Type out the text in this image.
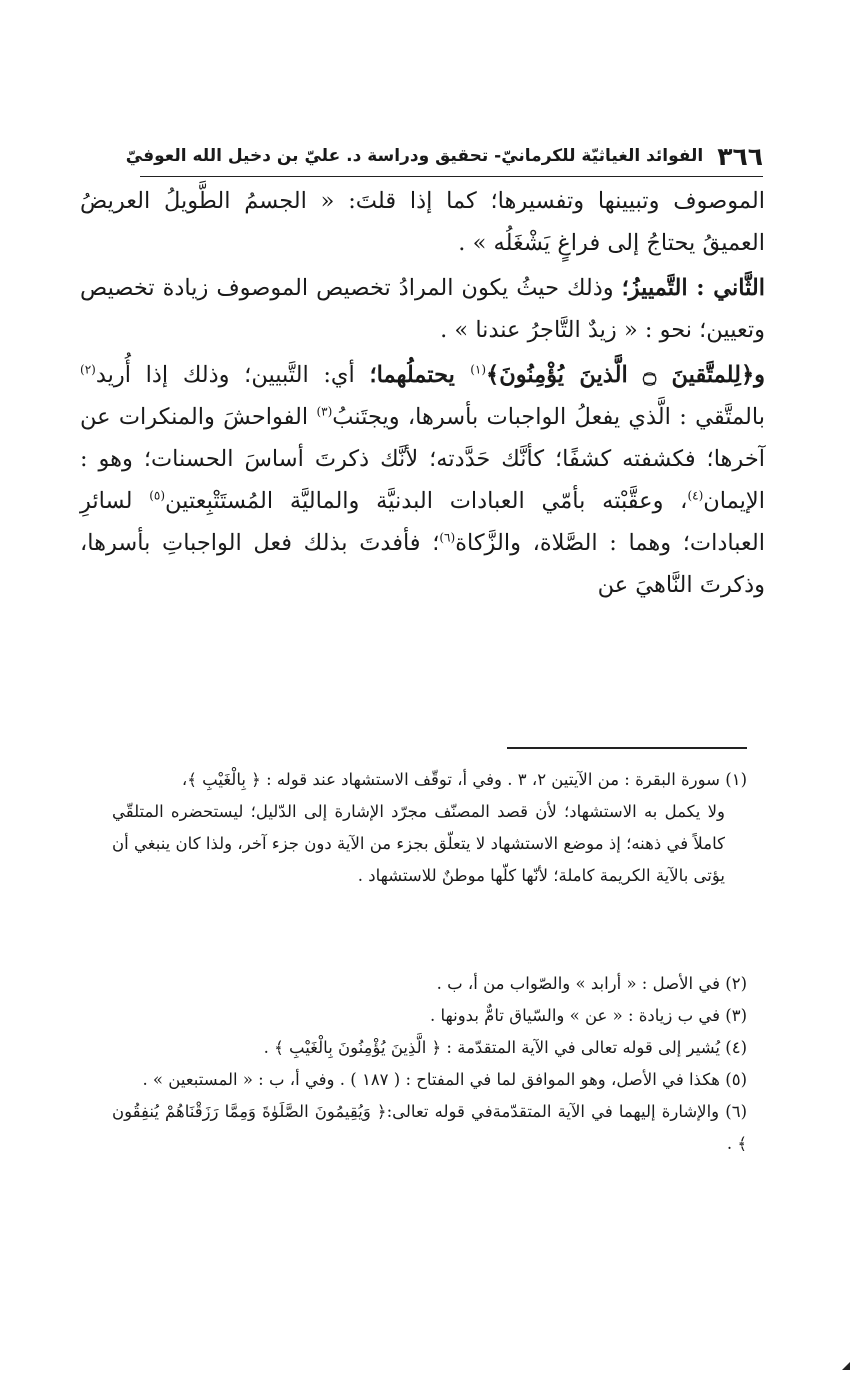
٣٦٦
الفوائد الغياثيّة للكرمانيّ- تحقيق ودراسة د. عليّ بن دخيل الله العوفيّ

الموصوف وتبيينها وتفسيرها؛ كما إذا قلتَ: « الجسمُ الطَّويلُ العريضُ العميقُ يحتاجُ إلى فراغٍ يَشْغَلُه » .

الثَّاني : التَّمييزُ؛ وذلك حيثُ يكون المرادُ تخصيص الموصوف زيادة تخصيص وتعيين؛ نحو : « زيدٌ التَّاجرُ عندنا » .

و﴿لِلمتَّقينَ ۝ الَّذينَ يُؤْمِنُونَ﴾$^{(١)}$ يحتملُهما؛ أي: التَّبيين؛ وذلك إذا أُريد$^{(٢)}$ بالمتَّقي : الَّذي يفعلُ الواجبات بأسرها، ويجتَنبُ$^{(٣)}$ الفواحشَ والمنكرات عن آخرها؛ فكشفته كشفًا؛ كأنَّك حَدَّدته؛ لأنَّك ذكرتَ أساسَ الحسنات؛ وهو : الإيمان$^{(٤)}$، وعقَّبْته بأمّي العبادات البدنيَّة والماليَّة المُستَتْبِعتين$^{(٥)}$ لسائرِ العبادات؛ وهما : الصَّلاة، والزَّكاة$^{(٦)}$؛ فأفدتَ بذلك فعل الواجباتِ بأسرها، وذكرتَ النَّاهيَ عن

(١) سورة البقرة : من الآيتين ٢، ٣ . وفي أ، توقّف الاستشهاد عند قوله : ﴿ بِالْغَيْبِ ﴾،

ولا يكمل به الاستشهاد؛ لأن قصد المصنّف مجرّد الإشارة إلى الدّليل؛ ليستحضره المتلقّي كاملاً في ذهنه؛ إذ موضع الاستشهاد لا يتعلّق بجزء من الآية دون جزء آخر، ولذا كان ينبغي أن يؤتى بالآية الكريمة كاملة؛ لأنّها كلّها موطنٌ للاستشهاد .

(٢) في الأصل : « أرابد » والصّواب من أ، ب .

(٣) في ب زيادة : « عن » والسّياق تامٌّ بدونها .

(٤) يُشير إلى قوله تعالى في الآية المتقدّمة : ﴿ الَّذِينَ يُؤْمِنُونَ بِالْغَيْبِ ﴾ .

(٥) هكذا في الأصل، وهو الموافق لما في المفتاح : ( ١٨٧ ) . وفي أ، ب : « المستبعين » .

(٦) والإشارة إليهما في الآية المتقدّمةفي قوله تعالى:﴿ وَيُقِيمُونَ الصَّلَوٰةَ وَمِمَّا رَزَقْنَاهُمْ يُنفِقُون ﴾ .
